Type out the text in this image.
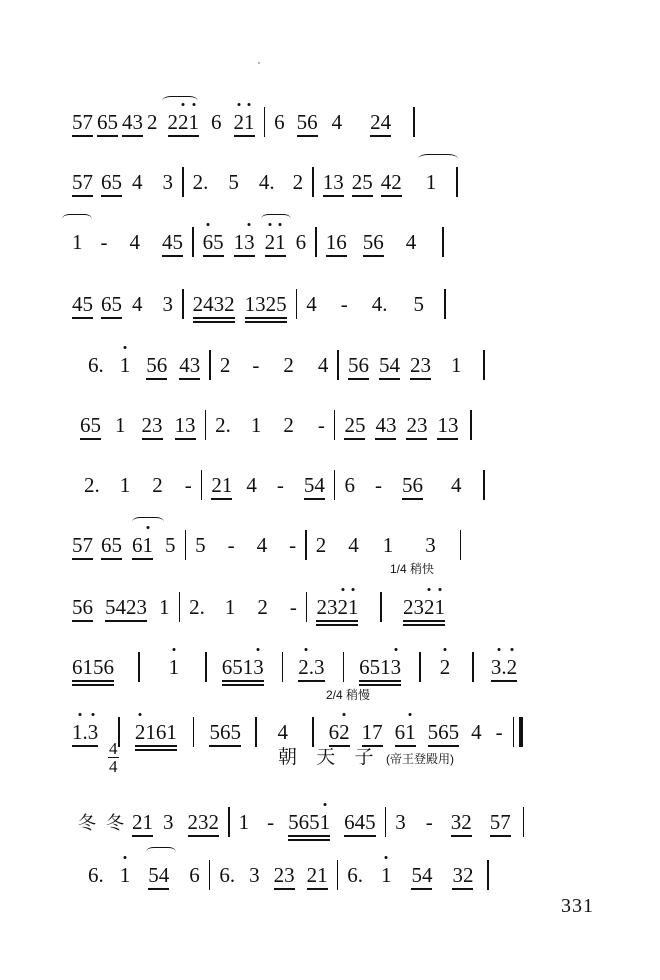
57 65 43 2 221 6 21 6 56 4 24
57 65 4 3 2. 5 4. 2 13 25 42 1
1 - 4 45 65 13 21 6 16 56 4
45 65 4 3 2432 1325 4 - 4. 5
6. 1 56 43 2 - 2 4 56 54 23 1
65 1 23 13 2. 1 2 - 25 43 23 13
2. 1 2 - 21 4 - 54 6 - 56 4
57 65 61 5 5 - 4 - 2 4 1 3
1/4 稍快
56 5423 1 2. 1 2 - 2321 2321
6156	1 6513 2.3 6513 2 3.2
2/4 稍慢
1.3 2161 565 4 62 17 61 565 4 -
$\frac{4}{4}$	朝 天 子 (帝王登殿用)
冬 冬 21 3 232 1 - 5651 645 3 - 32 57
6. 1 54 6 6. 3 23 21 6. 1 54 32
331
